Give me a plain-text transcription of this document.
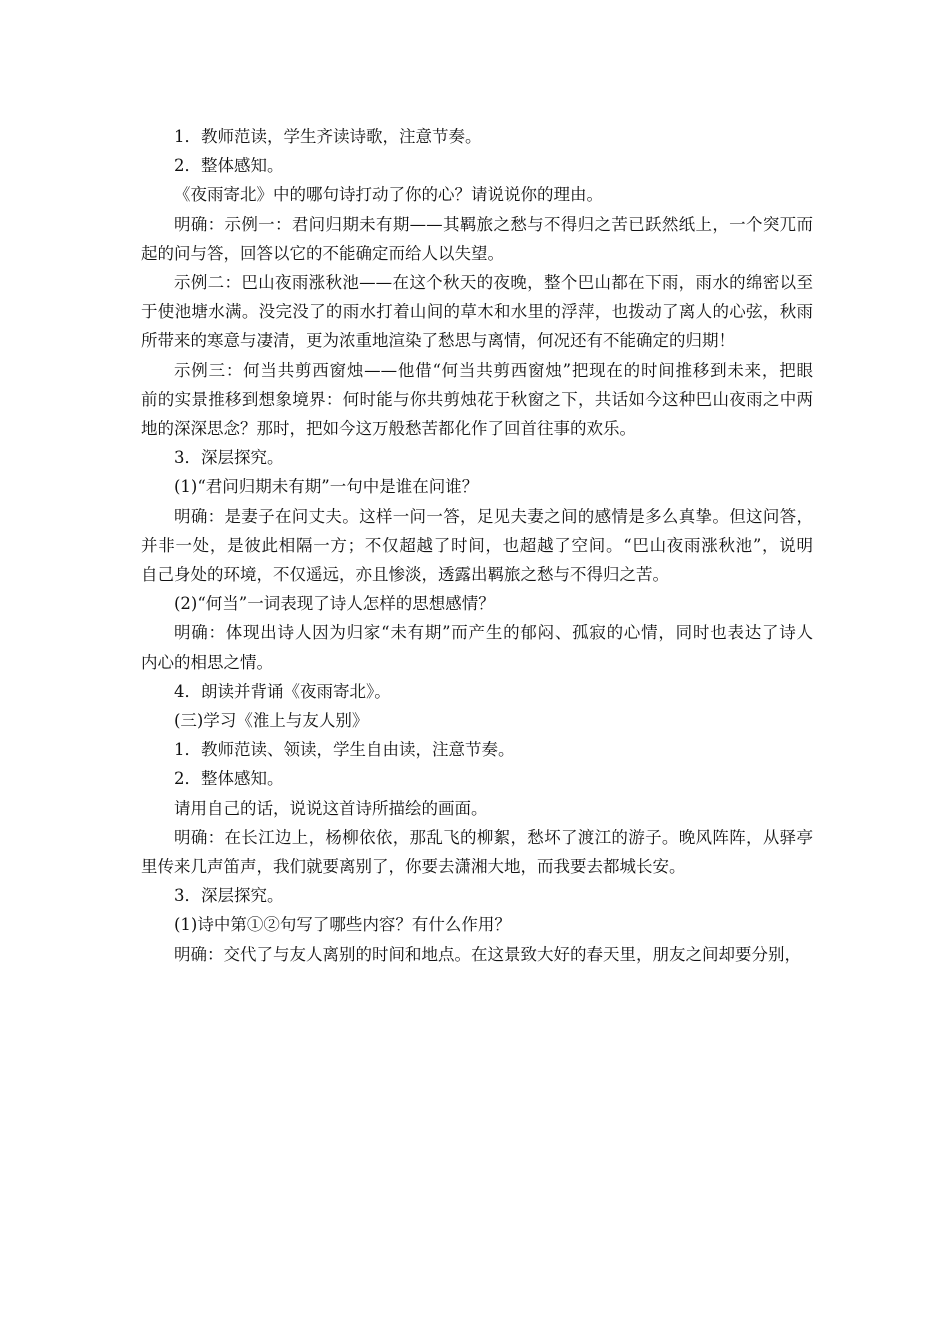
1．教师范读，学生齐读诗歌，注意节奏。
2．整体感知。
《夜雨寄北》中的哪句诗打动了你的心？请说说你的理由。
明确：示例一：君问归期未有期——其羁旅之愁与不得归之苦已跃然纸上，一个突兀而
起的问与答，回答以它的不能确定而给人以失望。
示例二：巴山夜雨涨秋池——在这个秋天的夜晚，整个巴山都在下雨，雨水的绵密以至
于使池塘水满。没完没了的雨水打着山间的草木和水里的浮萍，也拨动了离人的心弦，秋雨
所带来的寒意与凄清，更为浓重地渲染了愁思与离情，何况还有不能确定的归期！
示例三：何当共剪西窗烛——他借“何当共剪西窗烛”把现在的时间推移到未来，把眼
前的实景推移到想象境界：何时能与你共剪烛花于秋窗之下，共话如今这种巴山夜雨之中两
地的深深思念？那时，把如今这万般愁苦都化作了回首往事的欢乐。
3．深层探究。
(1)“君问归期未有期”一句中是谁在问谁？
明确：是妻子在问丈夫。这样一问一答，足见夫妻之间的感情是多么真挚。但这问答，
并非一处，是彼此相隔一方；不仅超越了时间，也超越了空间。“巴山夜雨涨秋池”，说明
自己身处的环境，不仅遥远，亦且惨淡，透露出羁旅之愁与不得归之苦。
(2)“何当”一词表现了诗人怎样的思想感情？
明确：体现出诗人因为归家“未有期”而产生的郁闷、孤寂的心情，同时也表达了诗人
内心的相思之情。
4．朗读并背诵《夜雨寄北》。
(三)学习《淮上与友人别》
1．教师范读、领读，学生自由读，注意节奏。
2．整体感知。
请用自己的话，说说这首诗所描绘的画面。
明确：在长江边上，杨柳依依，那乱飞的柳絮，愁坏了渡江的游子。晚风阵阵，从驿亭
里传来几声笛声，我们就要离别了，你要去潇湘大地，而我要去都城长安。
3．深层探究。
(1)诗中第①②句写了哪些内容？有什么作用？
明确：交代了与友人离别的时间和地点。在这景致大好的春天里，朋友之间却要分别，
